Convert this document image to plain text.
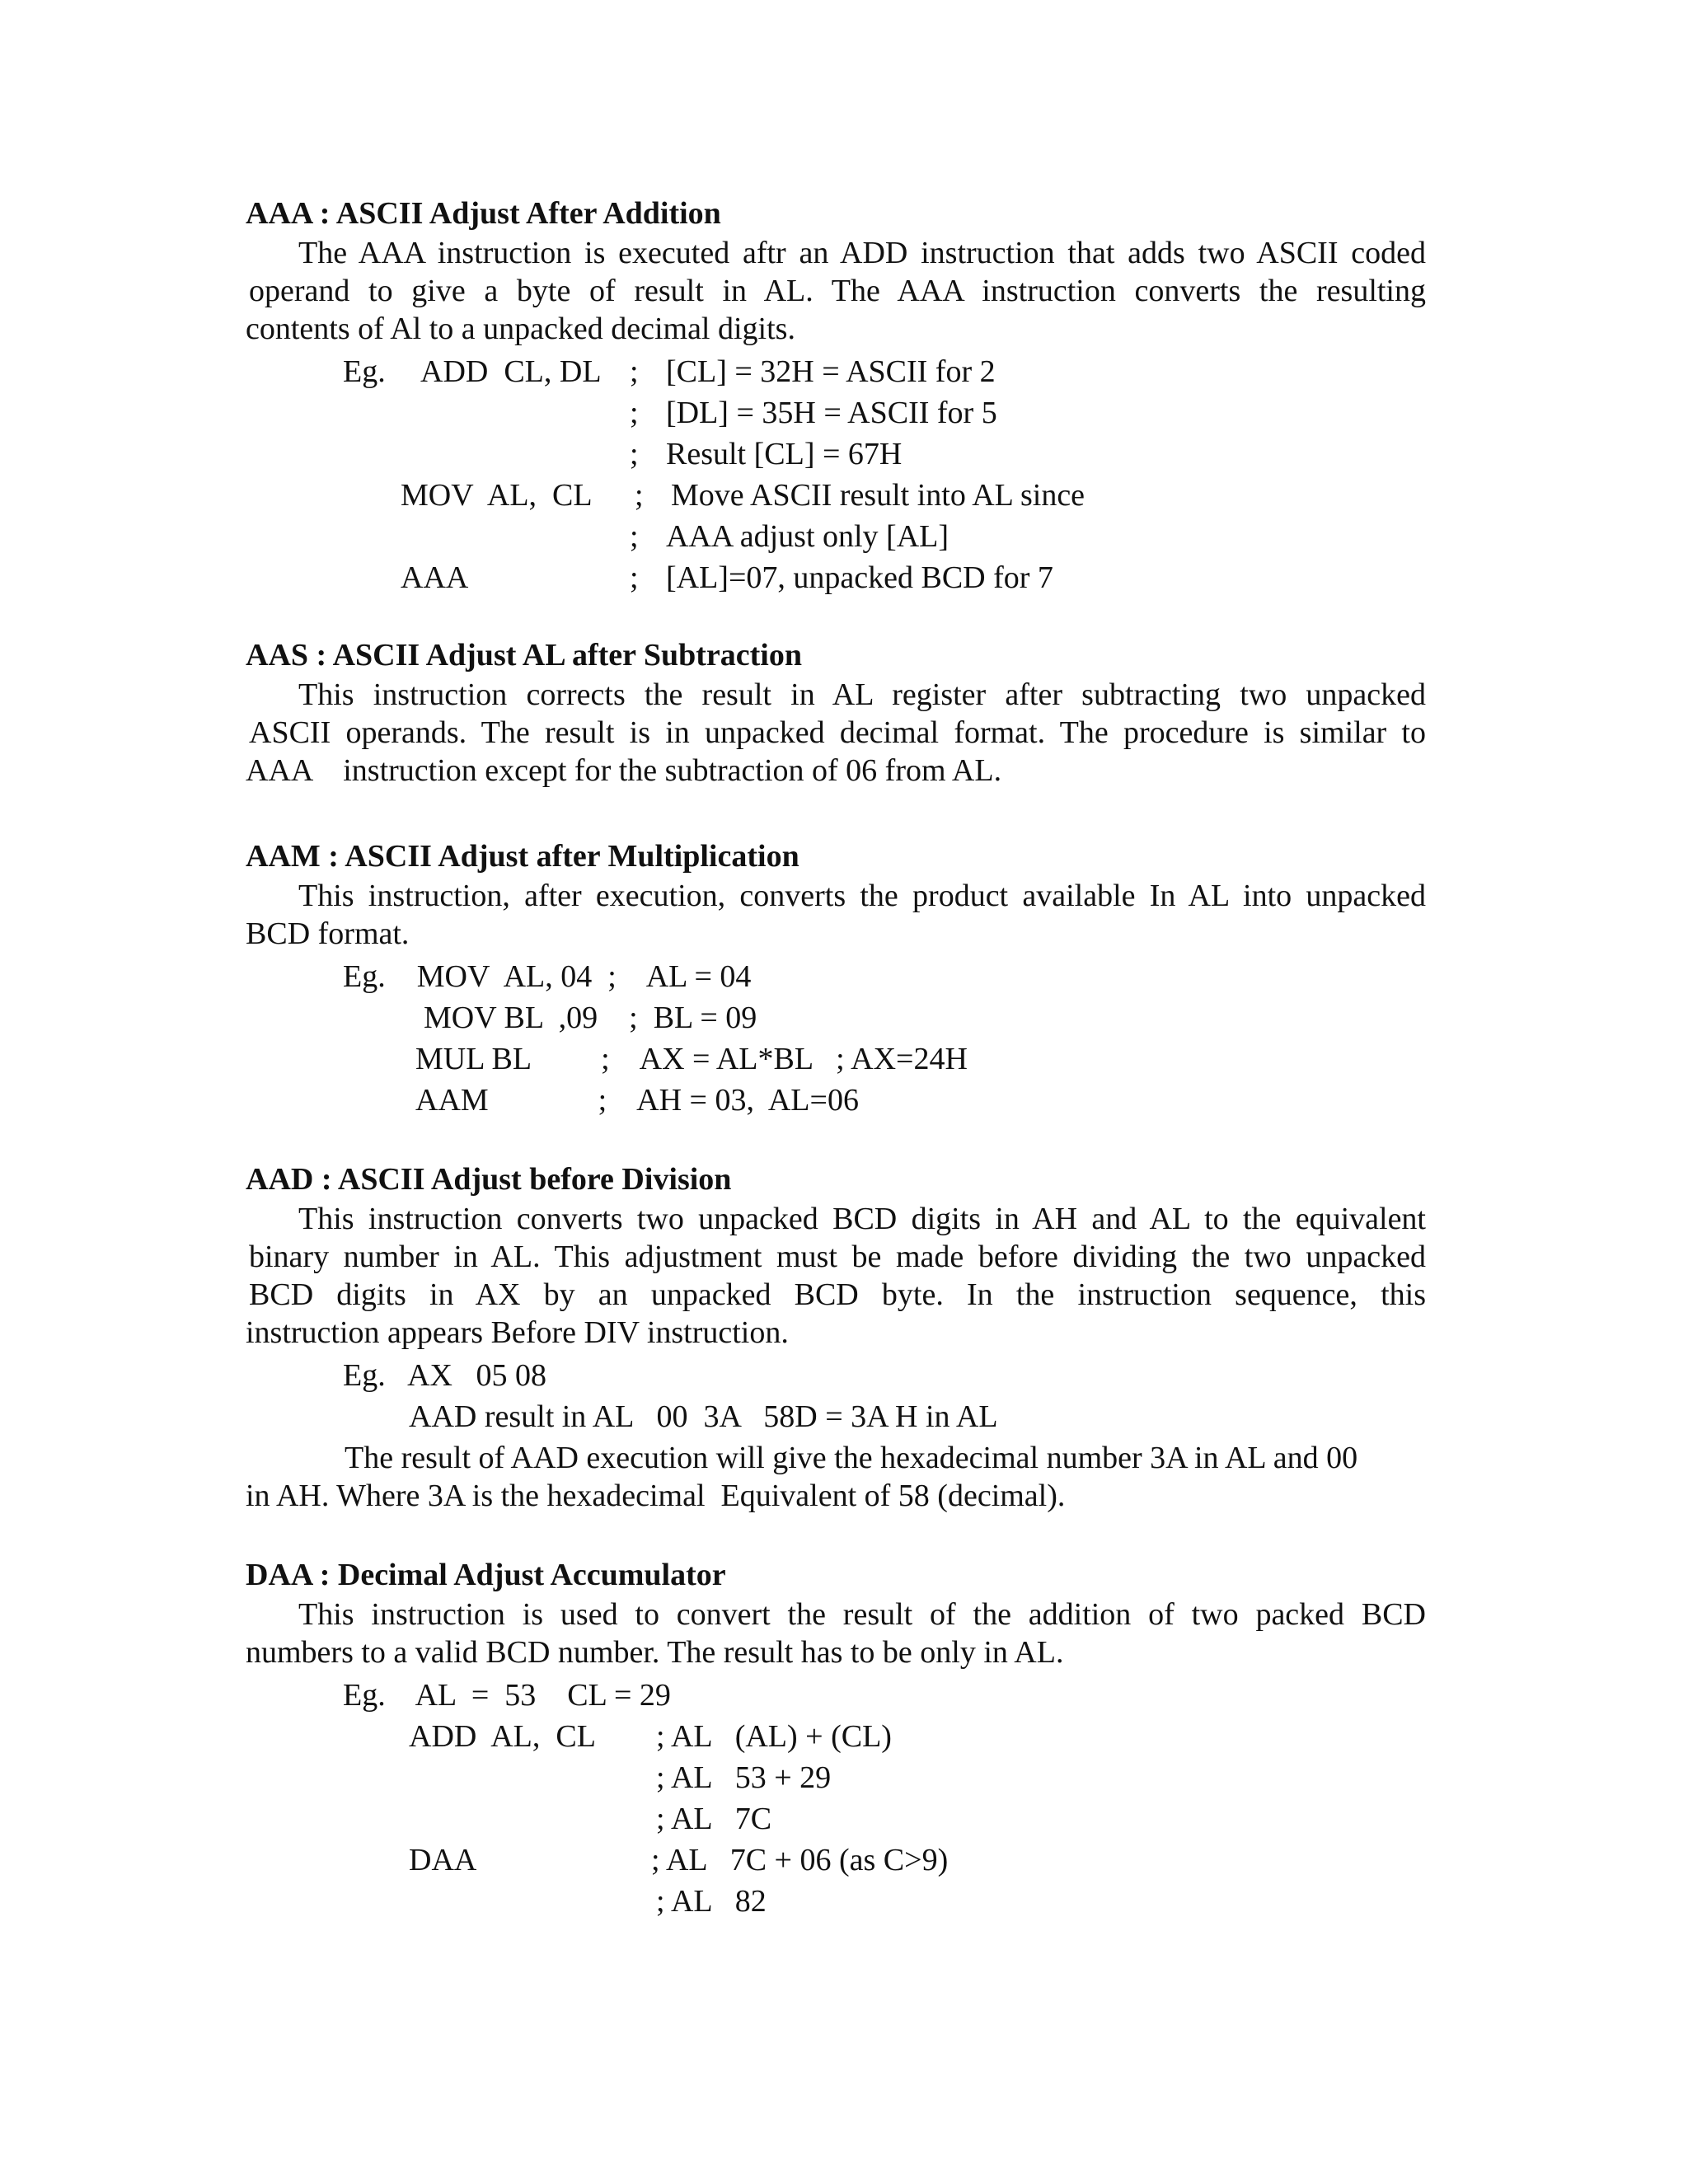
AAA : ASCII Adjust After Addition
The AAA instruction is executed aftr an ADD instruction that adds two ASCII coded
operand to give a byte of result in AL. The AAA instruction converts the resulting
contents of Al to a unpacked decimal digits.
Eg. ADD  CL, DL ; [CL] = 32H = ASCII for 2
; [DL] = 35H = ASCII for 5
; Result [CL] = 67H
MOV  AL,  CL ; Move ASCII result into AL since
; AAA adjust only [AL]
AAA	; [AL]=07, unpacked BCD for 7
AAS : ASCII Adjust AL after Subtraction
This instruction corrects the result in AL register after subtracting two unpacked
ASCII operands. The result is in unpacked decimal format. The procedure is similar to
AAA    instruction except for the subtraction of 06 from AL.
AAM : ASCII Adjust after Multiplication
This instruction, after execution, converts the product available In AL into unpacked
BCD format.
Eg.    MOV  AL, 04  ;    AL = 04
MOV BL  ,09    ;  BL = 09
MUL BL         ;    AX = AL*BL   ; AX=24H
AAM              ;    AH = 03,  AL=06
AAD : ASCII Adjust before Division
This instruction converts two unpacked BCD digits in AH and AL to the equivalent
binary number in AL. This adjustment must be made before dividing the two unpacked
BCD digits in AX by an unpacked BCD byte. In the instruction sequence, this
instruction appears Before DIV instruction.
Eg.   AX   05 08
AAD result in AL   00  3A   58D = 3A H in AL
The result of AAD execution will give the hexadecimal number 3A in AL and 00
in AH. Where 3A is the hexadecimal  Equivalent of 58 (decimal).
DAA : Decimal Adjust Accumulator
This instruction is used to convert the result of the addition of two packed BCD
numbers to a valid BCD number. The result has to be only in AL.
Eg.    AL  =  53    CL = 29
ADD  AL,  CL ; AL   (AL) + (CL)
; AL   53 + 29
; AL   7C
DAA	; AL   7C + 06 (as C>9)
; AL   82
